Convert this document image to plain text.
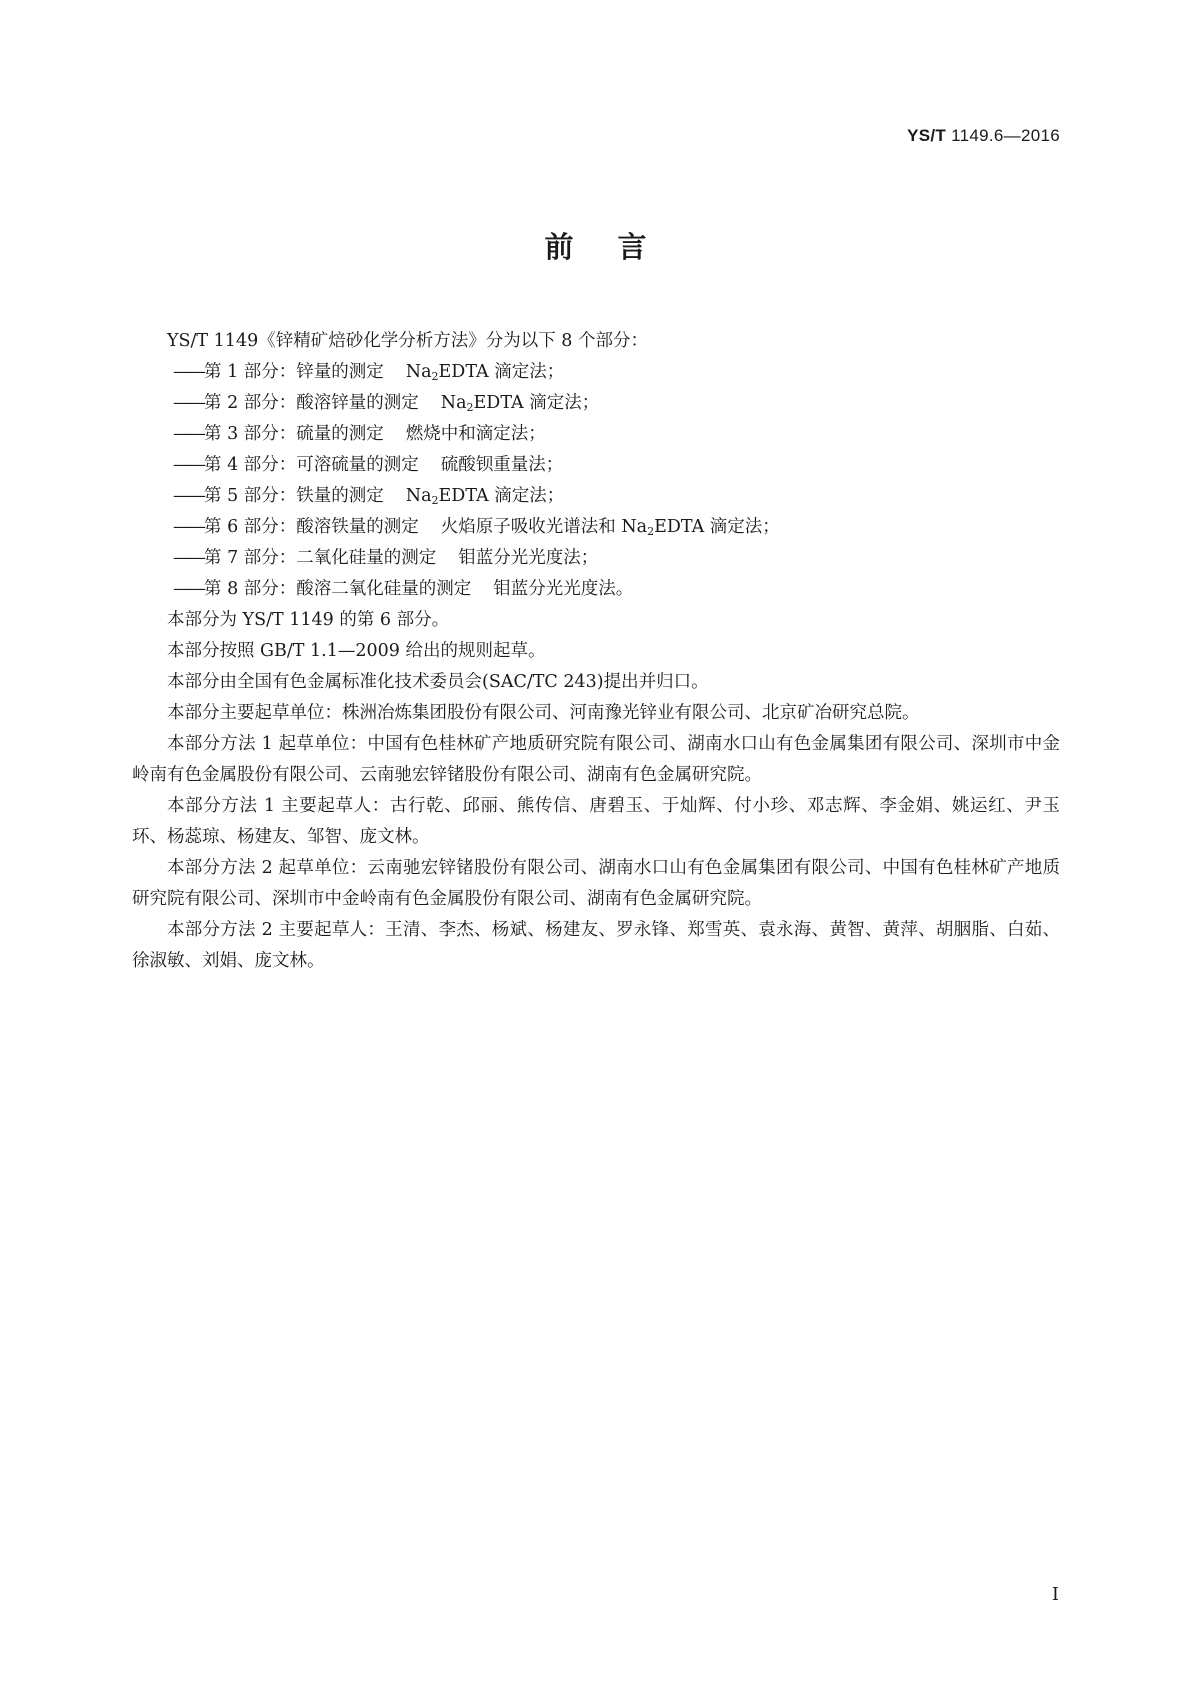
YS/T 1149.6—2016
前言

YS/T 1149《锌精矿焙砂化学分析方法》分为以下 8 个部分：

——第 1 部分：锌量的测定 $Na_2EDTA$ 滴定法；

——第 2 部分：酸溶锌量的测定 $Na_2EDTA$ 滴定法；

——第 3 部分：硫量的测定 燃烧中和滴定法；

——第 4 部分：可溶硫量的测定 硫酸钡重量法；

——第 5 部分：铁量的测定 $Na_2EDTA$ 滴定法；

——第 6 部分：酸溶铁量的测定 火焰原子吸收光谱法和 $Na_2EDTA$ 滴定法；

——第 7 部分：二氧化硅量的测定 钼蓝分光光度法；

——第 8 部分：酸溶二氧化硅量的测定 钼蓝分光光度法。

本部分为 YS/T 1149 的第 6 部分。

本部分按照 GB/T 1.1—2009 给出的规则起草。

本部分由全国有色金属标准化技术委员会(SAC/TC 243)提出并归口。

本部分主要起草单位：株洲冶炼集团股份有限公司、河南豫光锌业有限公司、北京矿冶研究总院。

本部分方法 1 起草单位：中国有色桂林矿产地质研究院有限公司、湖南水口山有色金属集团有限公司、深圳市中金岭南有色金属股份有限公司、云南驰宏锌锗股份有限公司、湖南有色金属研究院。

本部分方法 1 主要起草人：古行乾、邱丽、熊传信、唐碧玉、于灿辉、付小珍、邓志辉、李金娟、姚运红、尹玉环、杨蕊琼、杨建友、邹智、庞文林。

本部分方法 2 起草单位：云南驰宏锌锗股份有限公司、湖南水口山有色金属集团有限公司、中国有色桂林矿产地质研究院有限公司、深圳市中金岭南有色金属股份有限公司、湖南有色金属研究院。

本部分方法 2 主要起草人：王清、李杰、杨斌、杨建友、罗永锋、郑雪英、袁永海、黄智、黄萍、胡胭脂、白茹、徐淑敏、刘娟、庞文林。

I
